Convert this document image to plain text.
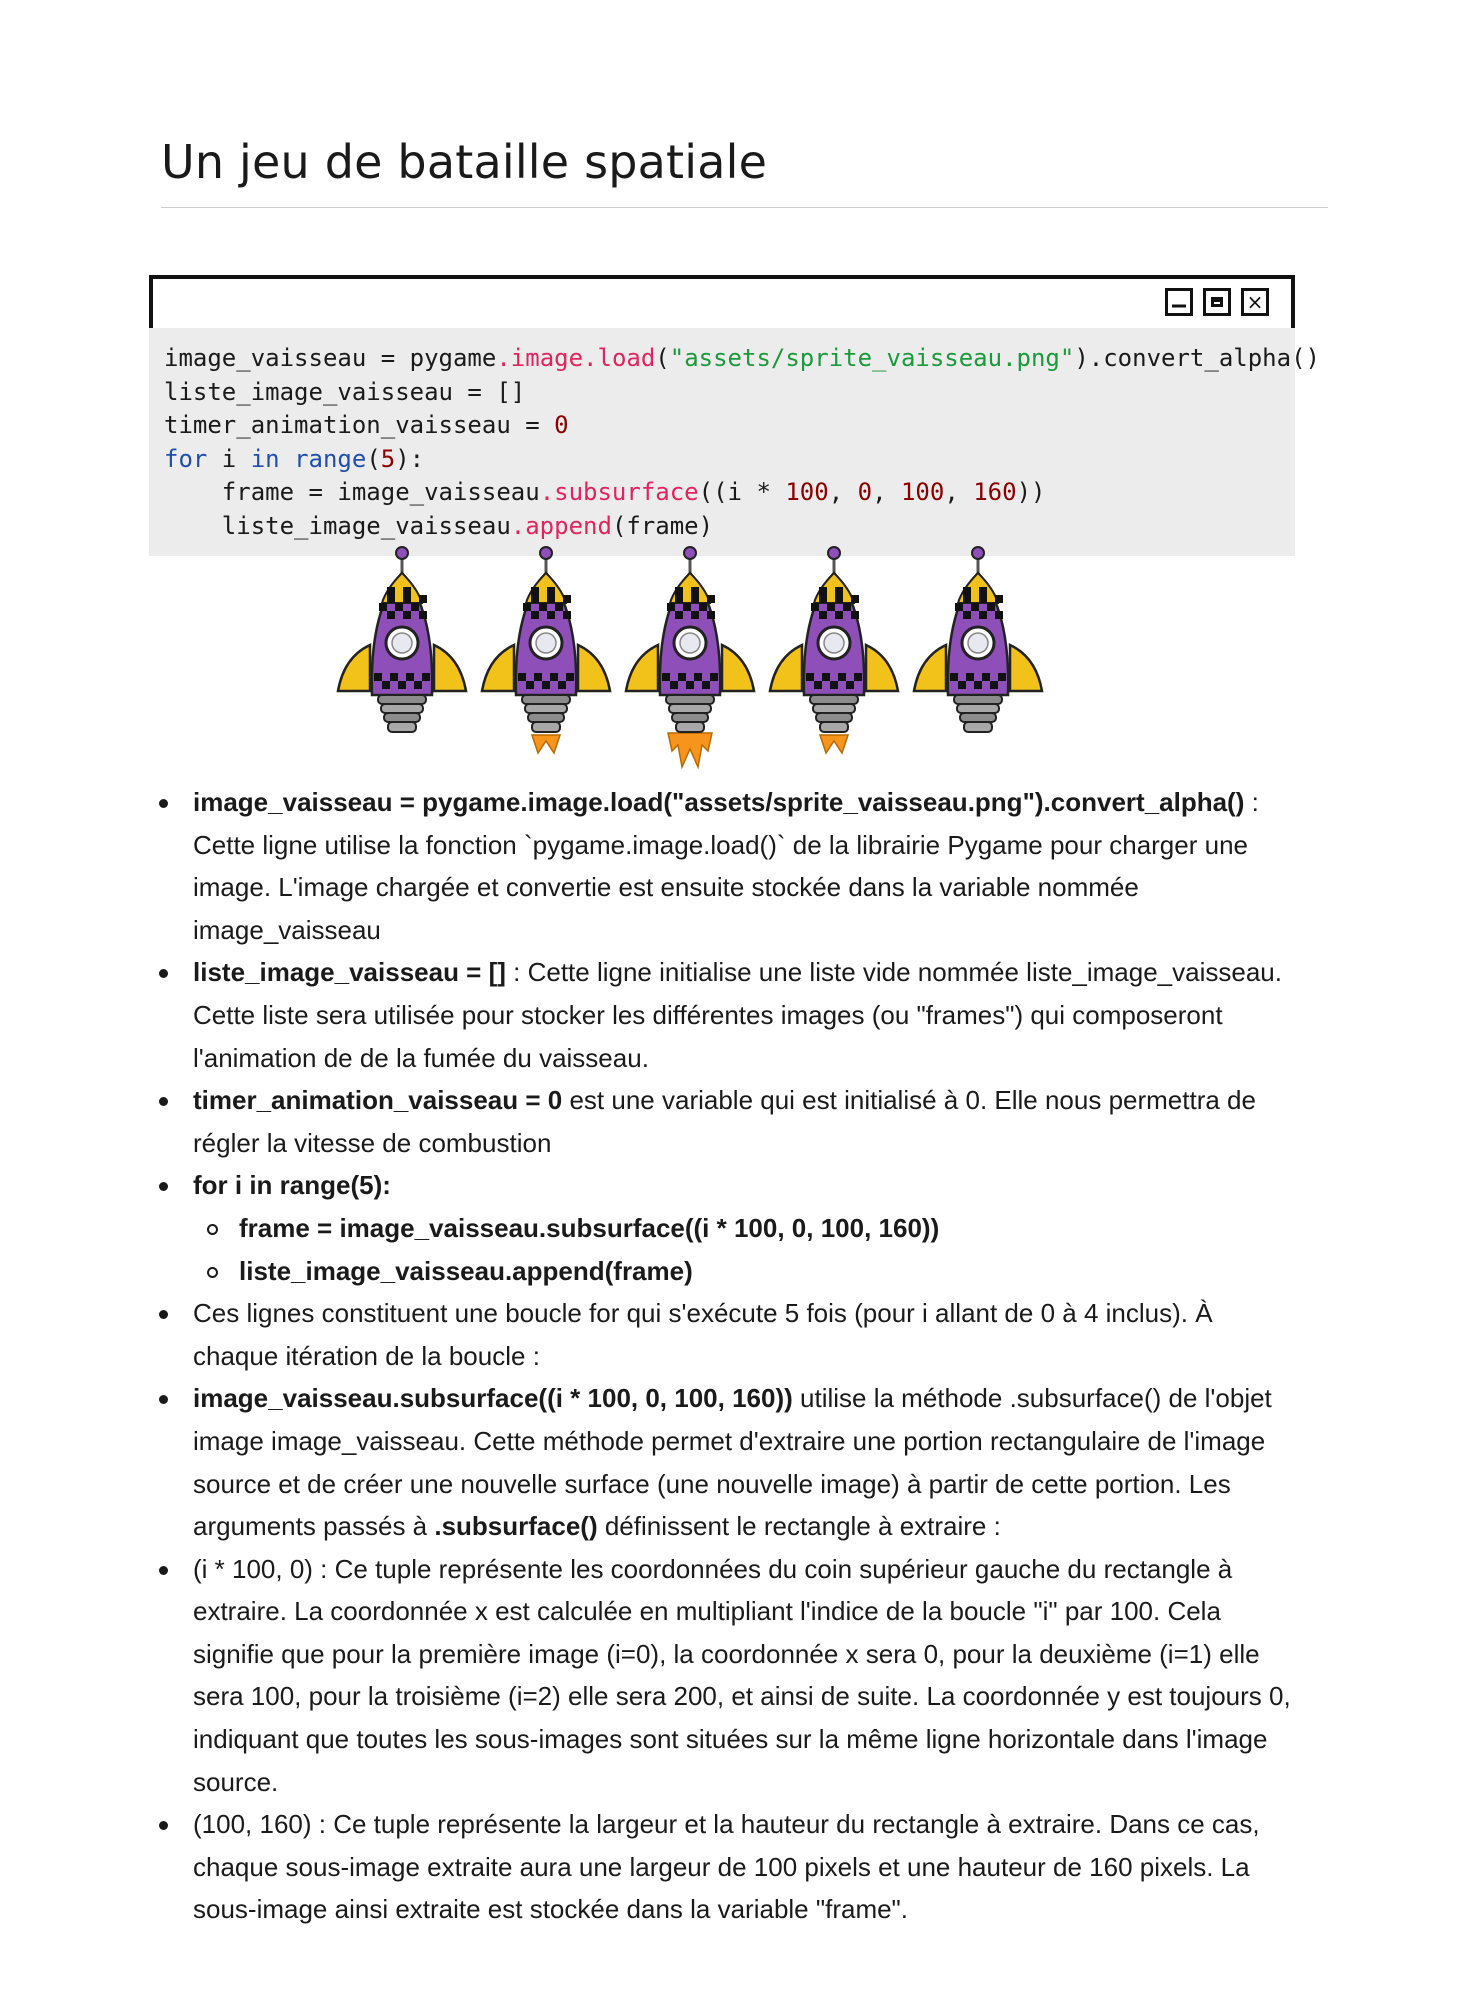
Un jeu de bataille spatiale
×
image_vaisseau = pygame.image.load("assets/sprite_vaisseau.png").convert_alpha()
liste_image_vaisseau = []
timer_animation_vaisseau = 0
for i in range(5):
frame = image_vaisseau.subsurface((i * 100, 0, 100, 160))
liste_image_vaisseau.append(frame)
image_vaisseau = pygame.image.load("assets/sprite_vaisseau.png").convert_alpha() : Cette ligne utilise la fonction `pygame.image.load()` de la librairie Pygame pour charger une image. L'image chargée et convertie est ensuite stockée dans la variable nommée image_vaisseau
liste_image_vaisseau = [] : Cette ligne initialise une liste vide nommée liste_image_vaisseau. Cette liste sera utilisée pour stocker les différentes images (ou "frames") qui composeront l'animation de de la fumée du vaisseau.
timer_animation_vaisseau = 0 est une variable qui est initialisé à 0. Elle nous permettra de régler la vitesse de combustion
for i in range(5):
frame = image_vaisseau.subsurface((i * 100, 0, 100, 160))
liste_image_vaisseau.append(frame)
Ces lignes constituent une boucle for qui s'exécute 5 fois (pour i allant de 0 à 4 inclus). À chaque itération de la boucle :
image_vaisseau.subsurface((i * 100, 0, 100, 160)) utilise la méthode .subsurface() de l'objet image image_vaisseau. Cette méthode permet d'extraire une portion rectangulaire de l'image source et de créer une nouvelle surface (une nouvelle image) à partir de cette portion. Les arguments passés à .subsurface() définissent le rectangle à extraire :
(i * 100, 0) : Ce tuple représente les coordonnées du coin supérieur gauche du rectangle à extraire. La coordonnée x est calculée en multipliant l'indice de la boucle "i" par 100. Cela signifie que pour la première image (i=0), la coordonnée x sera 0, pour la deuxième (i=1) elle sera 100, pour la troisième (i=2) elle sera 200, et ainsi de suite. La coordonnée y est toujours 0, indiquant que toutes les sous-images sont situées sur la même ligne horizontale dans l'image source.
(100, 160) : Ce tuple représente la largeur et la hauteur du rectangle à extraire. Dans ce cas, chaque sous-image extraite aura une largeur de 100 pixels et une hauteur de 160 pixels. La sous-image ainsi extraite est stockée dans la variable "frame".
